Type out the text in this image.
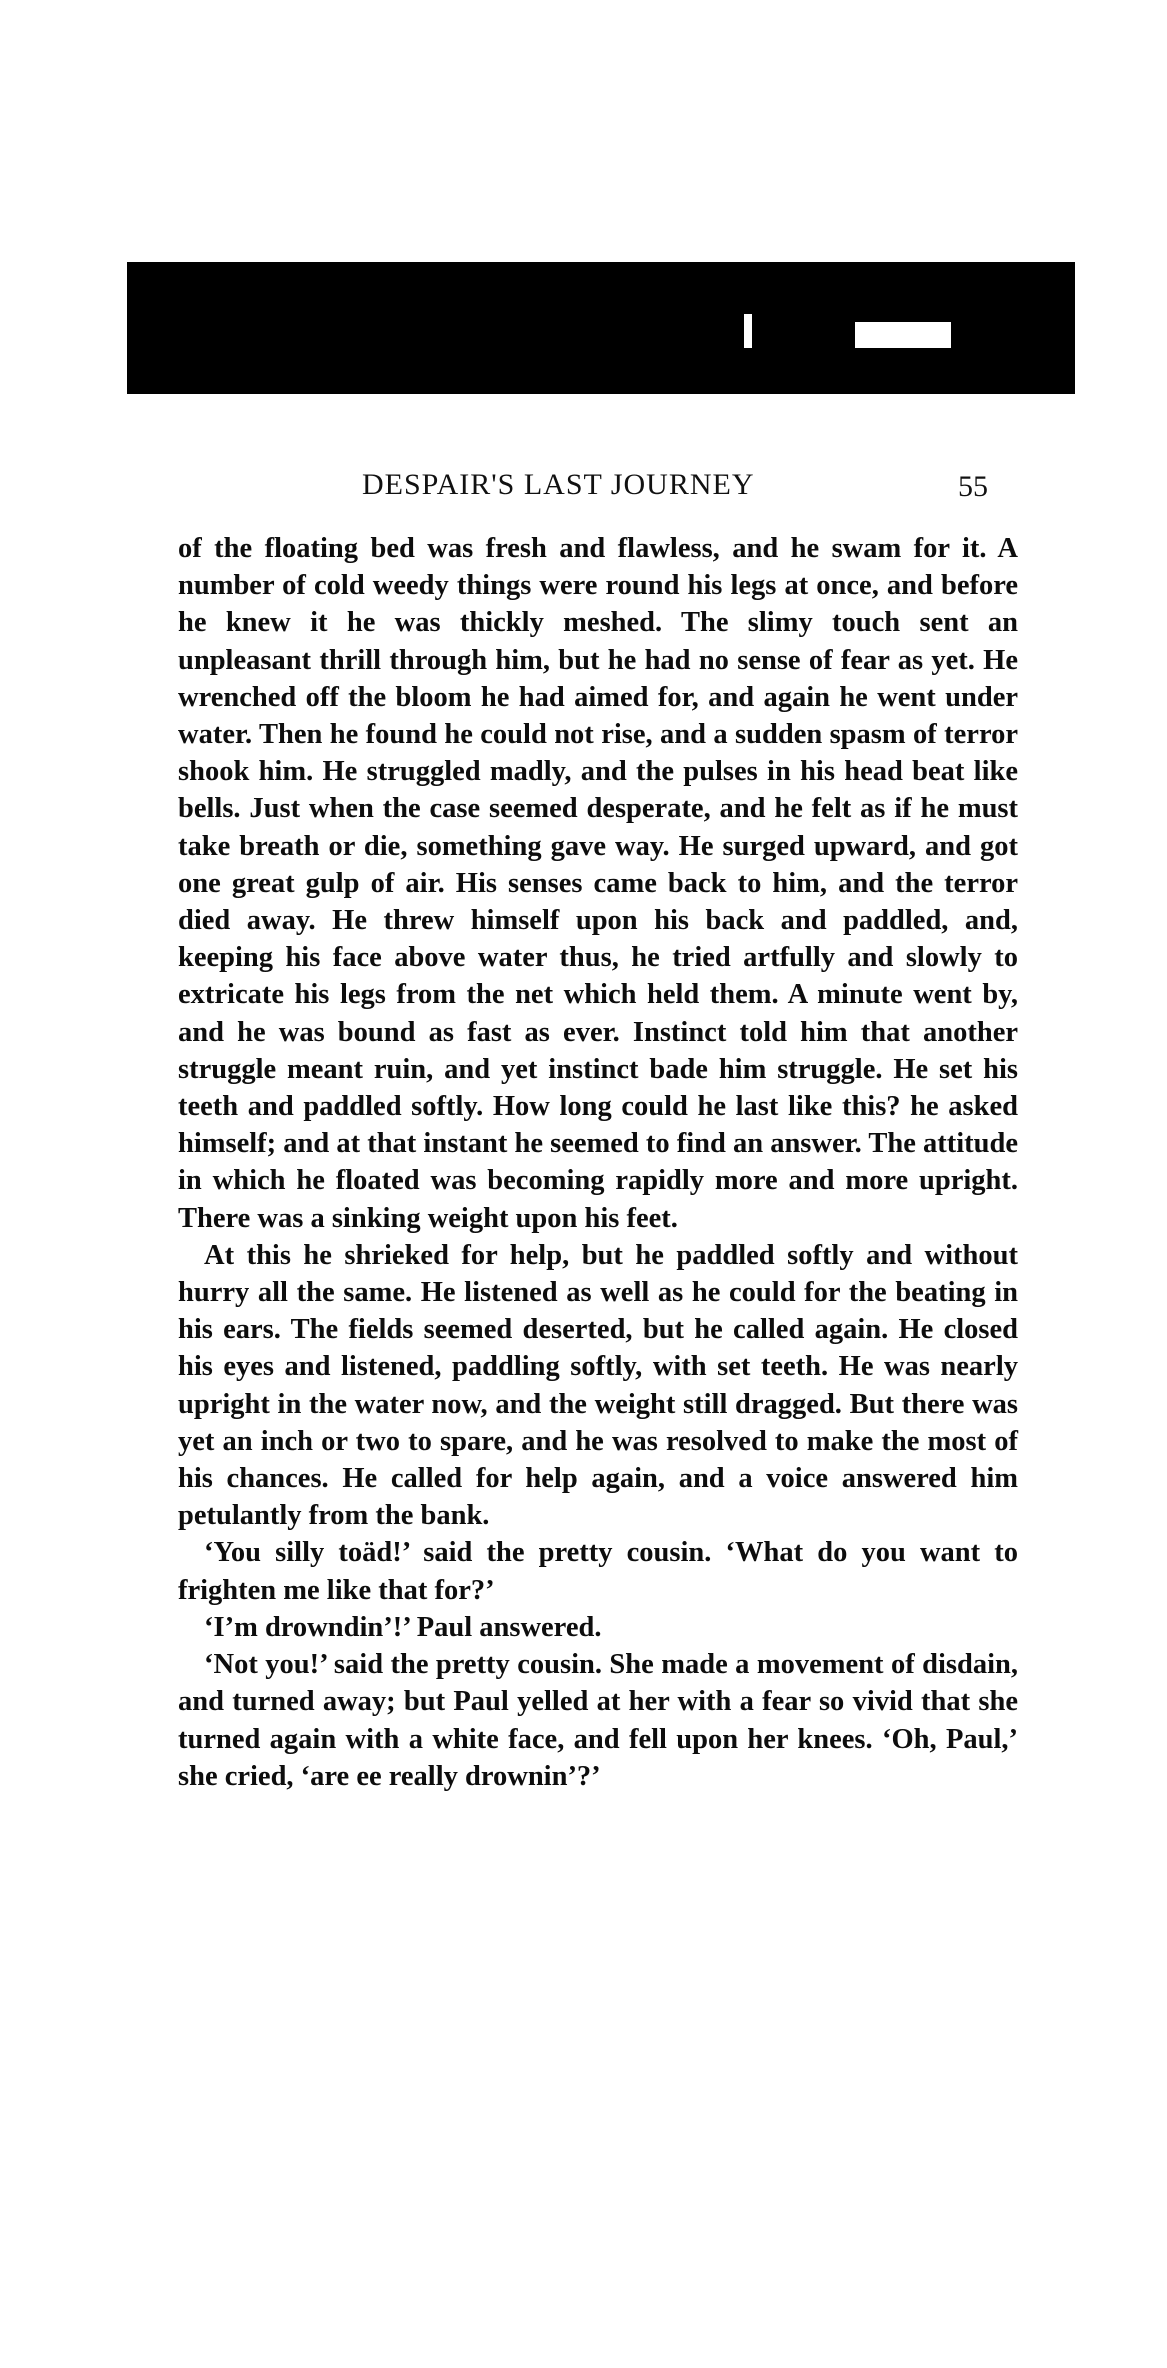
DESPAIR'S LAST JOURNEY	55

of the floating bed was fresh and flawless, and he swam for it. A number of cold weedy things were round his legs at once, and before he knew it he was thickly meshed. The slimy touch sent an unpleasant thrill through him, but he had no sense of fear as yet. He wrenched off the bloom he had aimed for, and again he went under water. Then he found he could not rise, and a sudden spasm of terror shook him. He struggled madly, and the pulses in his head beat like bells. Just when the case seemed desperate, and he felt as if he must take breath or die, something gave way. He surged upward, and got one great gulp of air. His senses came back to him, and the terror died away. He threw himself upon his back and paddled, and, keeping his face above water thus, he tried artfully and slowly to extricate his legs from the net which held them. A minute went by, and he was bound as fast as ever. Instinct told him that another struggle meant ruin, and yet instinct bade him struggle. He set his teeth and paddled softly. How long could he last like this? he asked himself; and at that instant he seemed to find an answer. The attitude in which he floated was becoming rapidly more and more upright. There was a sinking weight upon his feet.

At this he shrieked for help, but he paddled softly and without hurry all the same. He listened as well as he could for the beating in his ears. The fields seemed deserted, but he called again. He closed his eyes and listened, paddling softly, with set teeth. He was nearly upright in the water now, and the weight still dragged. But there was yet an inch or two to spare, and he was resolved to make the most of his chances. He called for help again, and a voice answered him petulantly from the bank.

‘You silly toäd!’ said the pretty cousin. ‘What do you want to frighten me like that for?’

‘I’m drowndin’!’ Paul answered.

‘Not you!’ said the pretty cousin. She made a movement of disdain, and turned away; but Paul yelled at her with a fear so vivid that she turned again with a white face, and fell upon her knees. ‘Oh, Paul,’ she cried, ‘are ee really drownin’?’
